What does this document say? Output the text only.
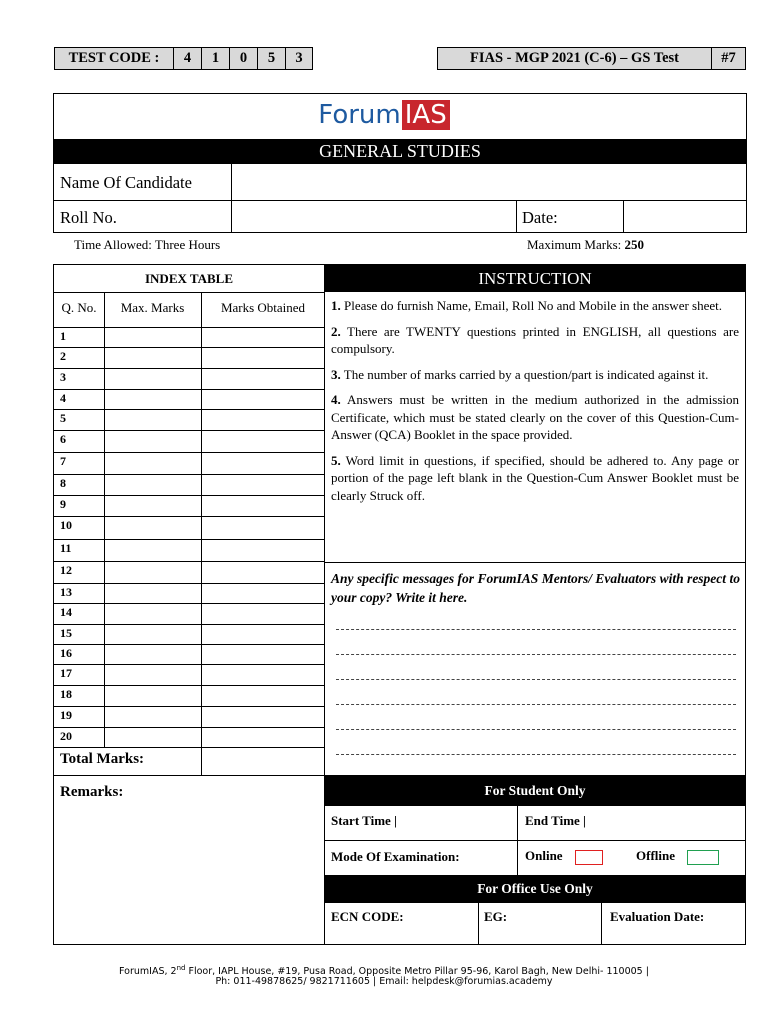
TEST CODE :	4	1	0	5	3	FIAS - MGP 2021 (C-6) – GS Test	#7
Forum IAS
GENERAL STUDIES
Name Of Candidate
Roll No.	Date:
Time Allowed: Three Hours	Maximum Marks: 250
INDEX TABLE
Q. No.	Max. Marks	Marks Obtained
1
2
3
4
5
6
7
8
9
10
11
12
13
14
15
16
17
18
19
20
Total Marks:
Remarks:
INSTRUCTION

1. Please do furnish Name, Email, Roll No and Mobile in the answer sheet.

2. There are TWENTY questions printed in ENGLISH, all questions are compulsory.

3. The number of marks carried by a question/part is indicated against it.

4. Answers must be written in the medium authorized in the admission Certificate, which must be stated clearly on the cover of this Question-Cum-Answer (QCA) Booklet in the space provided.

5. Word limit in questions, if specified, should be adhered to. Any page or portion of the page left blank in the Question-Cum Answer Booklet must be clearly Struck off.

Any specific messages for ForumIAS Mentors/ Evaluators with respect to your copy? Write it here.
For Student Only
Start Time |	End Time |
Mode Of Examination:	Online	Offline
For Office Use Only
ECN CODE:	EG:	Evaluation Date:
ForumIAS, 2nd Floor, IAPL House, #19, Pusa Road, Opposite Metro Pillar 95-96, Karol Bagh, New Delhi- 110005 |
Ph: 011-49878625/ 9821711605 | Email: helpdesk@forumias.academy
